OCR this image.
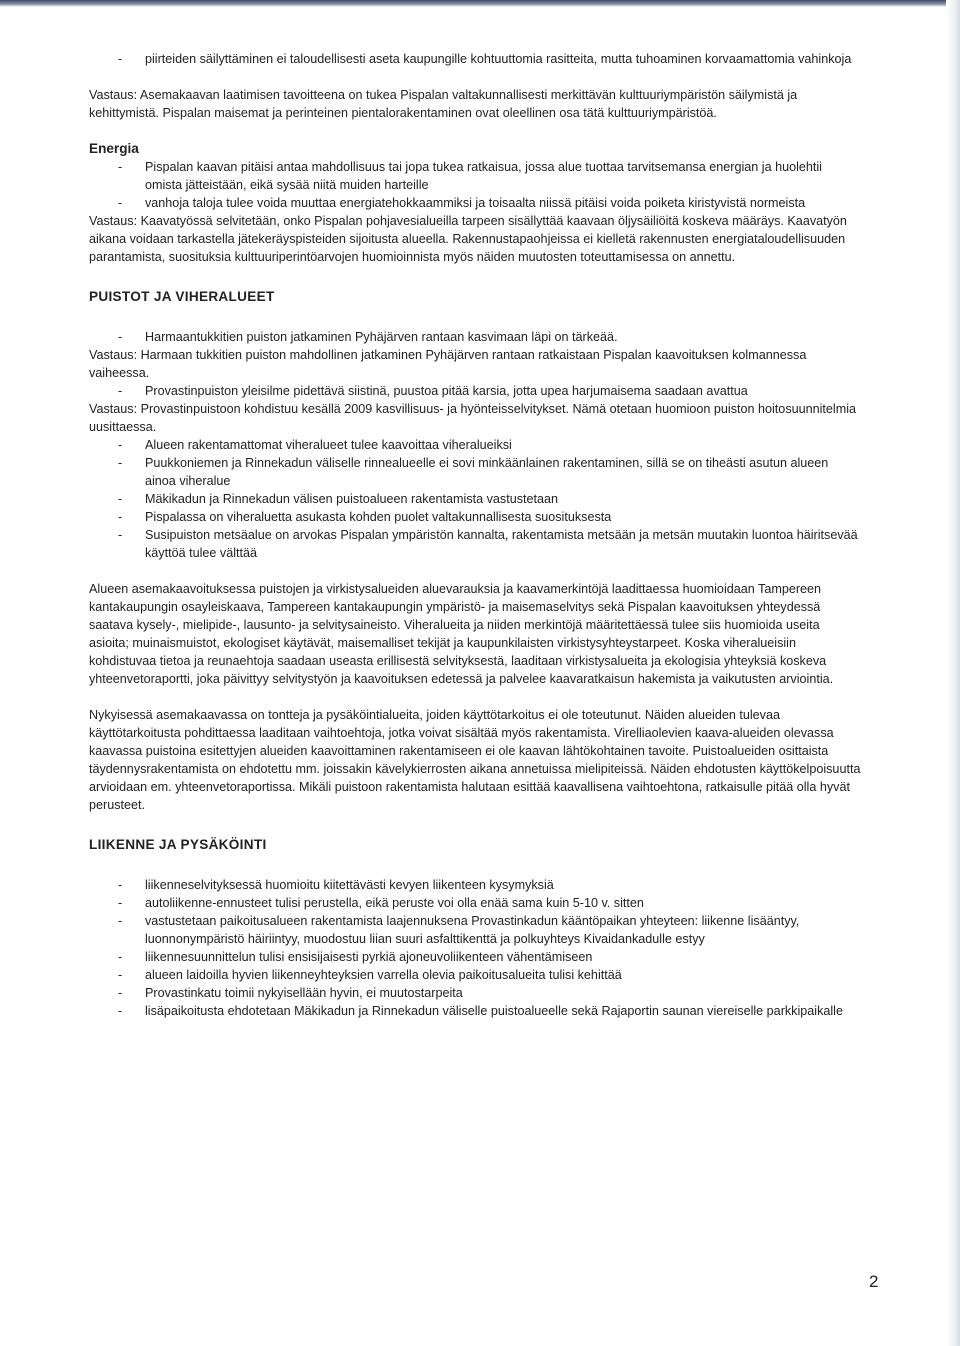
- piirteiden säilyttäminen ei taloudellisesti aseta kaupungille kohtuuttomia rasitteita, mutta tuhoaminen korvaamattomia vahinkoja

Vastaus: Asemakaavan laatimisen tavoitteena on tukea Pispalan valtakunnallisesti merkittävän kulttuuriympäristön säilymistä ja kehittymistä. Pispalan maisemat ja perinteinen pientalorakentaminen ovat oleellinen osa tätä kulttuuriympäristöä.

Energia
- Pispalan kaavan pitäisi antaa mahdollisuus tai jopa tukea ratkaisua, jossa alue tuottaa tarvitsemansa energian ja huolehtii omista jätteistään, eikä sysää niitä muiden harteille
- vanhoja taloja tulee voida muuttaa energiatehokkaammiksi ja toisaalta niissä pitäisi voida poiketa kiristyvistä normeista

Vastaus: Kaavatyössä selvitetään, onko Pispalan pohjavesialueilla tarpeen sisällyttää kaavaan öljysäiliöitä koskeva määräys. Kaavatyön aikana voidaan tarkastella jätekeräyspisteiden sijoitusta alueella. Rakennustapaohjeissa ei kielletä rakennusten energiataloudellisuuden parantamista, suosituksia kulttuuriperintöarvojen huomioinnista myös näiden muutosten toteuttamisessa on annettu.

PUISTOT JA VIHERALUEET
- Harmaantukkitien puiston jatkaminen Pyhäjärven rantaan kasvimaan läpi on tärkeää.

Vastaus: Harmaan tukkitien puiston mahdollinen jatkaminen Pyhäjärven rantaan ratkaistaan Pispalan kaavoituksen kolmannessa vaiheessa.

- Provastinpuiston yleisilme pidettävä siistinä, puustoa pitää karsia, jotta upea harjumaisema saadaan avattua

Vastaus: Provastinpuistoon kohdistuu kesällä 2009 kasvillisuus- ja hyönteisselvitykset. Nämä otetaan huomioon puiston hoitosuunnitelmia uusittaessa.

- Alueen rakentamattomat viheralueet tulee kaavoittaa viheralueiksi
- Puukkoniemen ja Rinnekadun väliselle rinnealueelle ei sovi minkäänlainen rakentaminen, sillä se on tiheästi asutun alueen ainoa viheralue
- Mäkikadun ja Rinnekadun välisen puistoalueen rakentamista vastustetaan
- Pispalassa on viheraluetta asukasta kohden puolet valtakunnallisesta suosituksesta
- Susipuiston metsäalue on arvokas Pispalan ympäristön kannalta, rakentamista metsään ja metsän muutakin luontoa häiritsevää käyttöä tulee välttää

Alueen asemakaavoituksessa puistojen ja virkistysalueiden aluevarauksia ja kaavamerkintöjä laadittaessa huomioidaan Tampereen kantakaupungin osayleiskaava, Tampereen kantakaupungin ympäristö- ja maisemaselvitys sekä Pispalan kaavoituksen yhteydessä saatava kysely-, mielipide-, lausunto- ja selvitysaineisto. Viheralueita ja niiden merkintöjä määritettäessä tulee siis huomioida useita asioita; muinaismuistot, ekologiset käytävät, maisemalliset tekijät ja kaupunkilaisten virkistysyhteystarpeet. Koska viheralueisiin kohdistuvaa tietoa ja reunaehtoja saadaan useasta erillisestä selvityksestä, laaditaan virkistysalueita ja ekologisia yhteyksiä koskeva yhteenvetoraportti, joka päivittyy selvitystyön ja kaavoituksen edetessä ja palvelee kaavaratkaisun hakemista ja vaikutusten arviointia.

Nykyisessä asemakaavassa on tontteja ja pysäköintialueita, joiden käyttötarkoitus ei ole toteutunut. Näiden alueiden tulevaa käyttötarkoitusta pohdittaessa laaditaan vaihtoehtoja, jotka voivat sisältää myös rakentamista. Virelliaolevien kaava-alueiden olevassa kaavassa puistoina esitettyjen alueiden kaavoittaminen rakentamiseen ei ole kaavan lähtökohtainen tavoite. Puistoalueiden osittaista täydennysrakentamista on ehdotettu mm. joissakin kävelykierrosten aikana annetuissa mielipiteissä. Näiden ehdotusten käyttökelpoisuutta arvioidaan em. yhteenvetoraportissa. Mikäli puistoon rakentamista halutaan esittää kaavallisena vaihtoehtona, ratkaisulle pitää olla hyvät perusteet.

LIIKENNE JA PYSÄKÖINTI
- liikenneselvityksessä huomioitu kiitettävästi kevyen liikenteen kysymyksiä
- autoliikenne-ennusteet tulisi perustella, eikä peruste voi olla enää sama kuin 5-10 v. sitten
- vastustetaan paikoitusalueen rakentamista laajennuksena Provastinkadun kääntöpaikan yhteyteen: liikenne lisääntyy, luonnonympäristö häiriintyy, muodostuu liian suuri asfalttikenttä ja polkuyhteys Kivaidankadulle estyy
- liikennesuunnittelun tulisi ensisijaisesti pyrkiä ajoneuvoliikenteen vähentämiseen
- alueen laidoilla hyvien liikenneyhteyksien varrella olevia paikoitusalueita tulisi kehittää
- Provastinkatu toimii nykyisellään hyvin, ei muutostarpeita
- lisäpaikoitusta ehdotetaan Mäkikadun ja Rinnekadun väliselle puistoalueelle sekä Rajaportin saunan viereiselle parkkipaikalle
2
